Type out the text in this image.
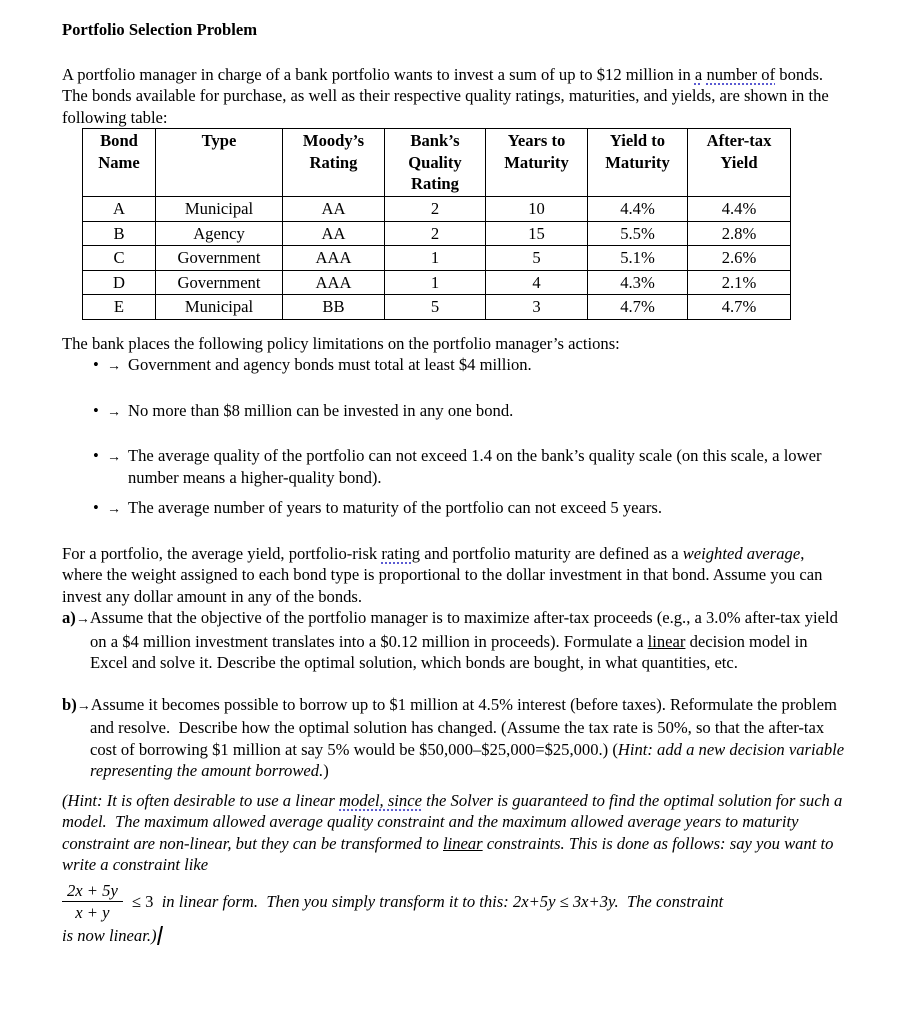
Portfolio Selection Problem

A portfolio manager in charge of a bank portfolio wants to invest a sum of up to $12 million in a number of bonds. The bonds available for purchase, as well as their respective quality ratings, maturities, and yields, are shown in the following table:

Bond Name	Type	Moody’s Rating	Bank’s Quality Rating	Years to Maturity	Yield to Maturity	After-tax Yield
A	Municipal	AA	2	10	4.4%	4.4%
B	Agency	AA	2	15	5.5%	2.8%
C	Government	AAA	1	5	5.1%	2.6%
D	Government	AAA	1	4	4.3%	2.1%
E	Municipal	BB	5	3	4.7%	4.7%

The bank places the following policy limitations on the portfolio manager’s actions:

• → Government and agency bonds must total at least $4 million.
• → No more than $8 million can be invested in any one bond.
• → The average quality of the portfolio can not exceed 1.4 on the bank’s quality scale (on this scale, a lower number means a higher-quality bond).
• → The average number of years to maturity of the portfolio can not exceed 5 years.

For a portfolio, the average yield, portfolio-risk rating and portfolio maturity are defined as a weighted average, where the weight assigned to each bond type is proportional to the dollar investment in that bond. Assume you can invest any dollar amount in any of the bonds.

a)→Assume that the objective of the portfolio manager is to maximize after-tax proceeds (e.g., a 3.0% after-tax yield on a $4 million investment translates into a $0.12 million in proceeds). Formulate a linear decision model in Excel and solve it. Describe the optimal solution, which bonds are bought, in what quantities, etc.

b)→Assume it becomes possible to borrow up to $1 million at 4.5% interest (before taxes). Reformulate the problem and resolve.  Describe how the optimal solution has changed. (Assume the tax rate is 50%, so that the after-tax cost of borrowing $1 million at say 5% would be $50,000–$25,000=$25,000.) (Hint: add a new decision variable representing the amount borrowed.)

(Hint: It is often desirable to use a linear model, since the Solver is guaranteed to find the optimal solution for such a model.  The maximum allowed average quality constraint and the maximum allowed average years to maturity constraint are non-linear, but they can be transformed to linear constraints. This is done as follows: say you want to write a constraint like

$\frac{2x + 5y}{x + y} \le 3$  in linear form.  Then you simply transform it to this: 2x+5y ≤ 3x+3y.  The constraint

is now linear.)
